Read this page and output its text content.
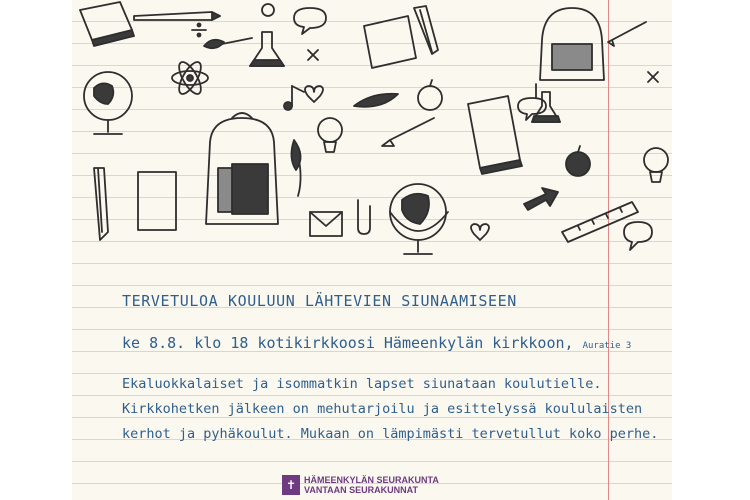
TERVETULOA KOULUUN LÄHTEVIEN SIUNAAMISEEN
ke 8.8. klo 18 kotikirkkoosi Hämeenkylän kirkkoon, Auratie 3
Ekaluokkalaiset ja isommatkin lapset siunataan koulutielle.
Kirkkohetken jälkeen on mehutarjoilu ja esittelyssä koululaisten
kerhot ja pyhäkoulut. Mukaan on lämpimästi tervetullut koko perhe.
✝ HÄMEENKYLÄN SEURAKUNTA
VANTAAN SEURAKUNNAT
